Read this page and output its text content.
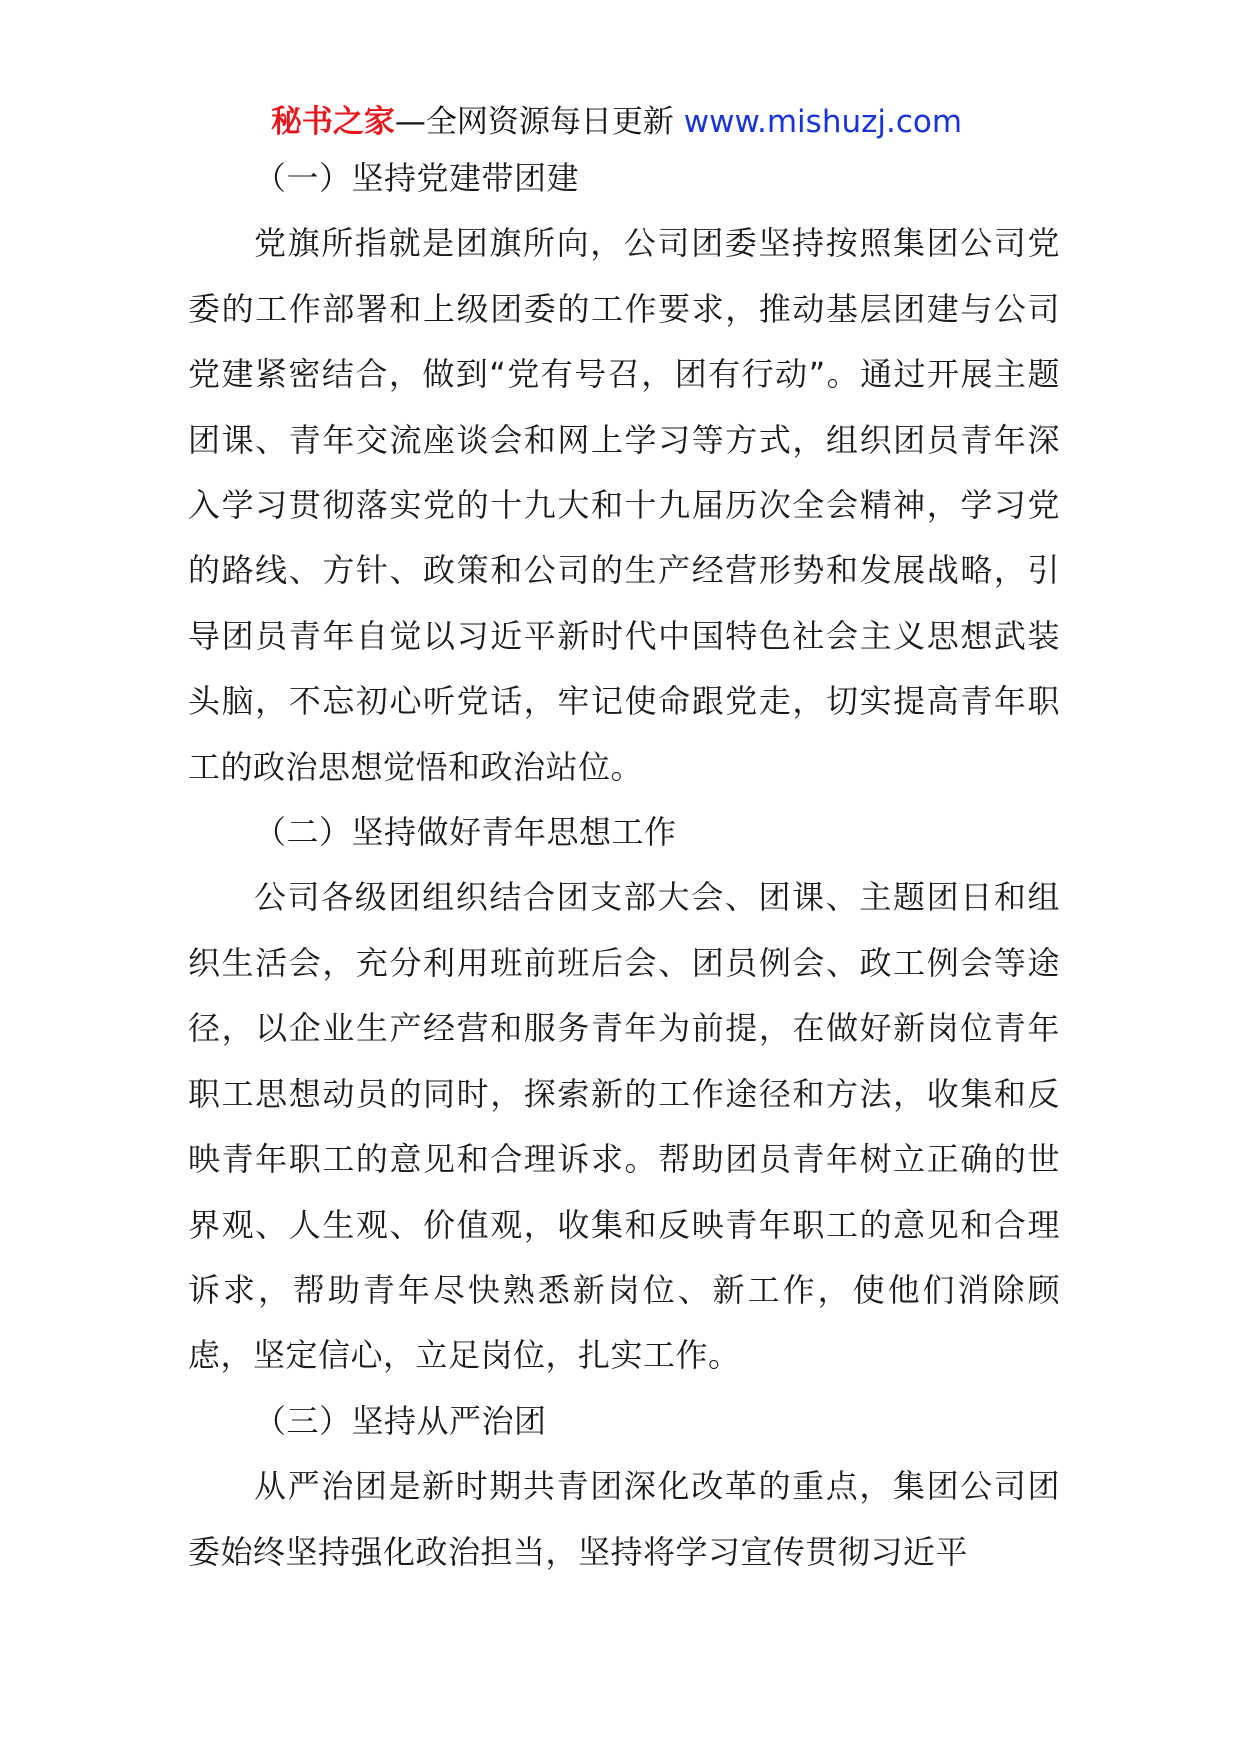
秘书之家—全网资源每日更新 www.mishuzj.com

（一）坚持党建带团建

党旗所指就是团旗所向，公司团委坚持按照集团公司党委的工作部署和上级团委的工作要求，推动基层团建与公司党建紧密结合，做到“党有号召，团有行动”。通过开展主题团课、青年交流座谈会和网上学习等方式，组织团员青年深入学习贯彻落实党的十九大和十九届历次全会精神，学习党的路线、方针、政策和公司的生产经营形势和发展战略，引导团员青年自觉以习近平新时代中国特色社会主义思想武装头脑，不忘初心听党话，牢记使命跟党走，切实提高青年职工的政治思想觉悟和政治站位。

（二）坚持做好青年思想工作

公司各级团组织结合团支部大会、团课、主题团日和组织生活会，充分利用班前班后会、团员例会、政工例会等途径，以企业生产经营和服务青年为前提，在做好新岗位青年职工思想动员的同时，探索新的工作途径和方法，收集和反映青年职工的意见和合理诉求。帮助团员青年树立正确的世界观、人生观、价值观，收集和反映青年职工的意见和合理诉求，帮助青年尽快熟悉新岗位、新工作，使他们消除顾虑，坚定信心，立足岗位，扎实工作。

（三）坚持从严治团

从严治团是新时期共青团深化改革的重点，集团公司团委始终坚持强化政治担当，坚持将学习宣传贯彻习近平
